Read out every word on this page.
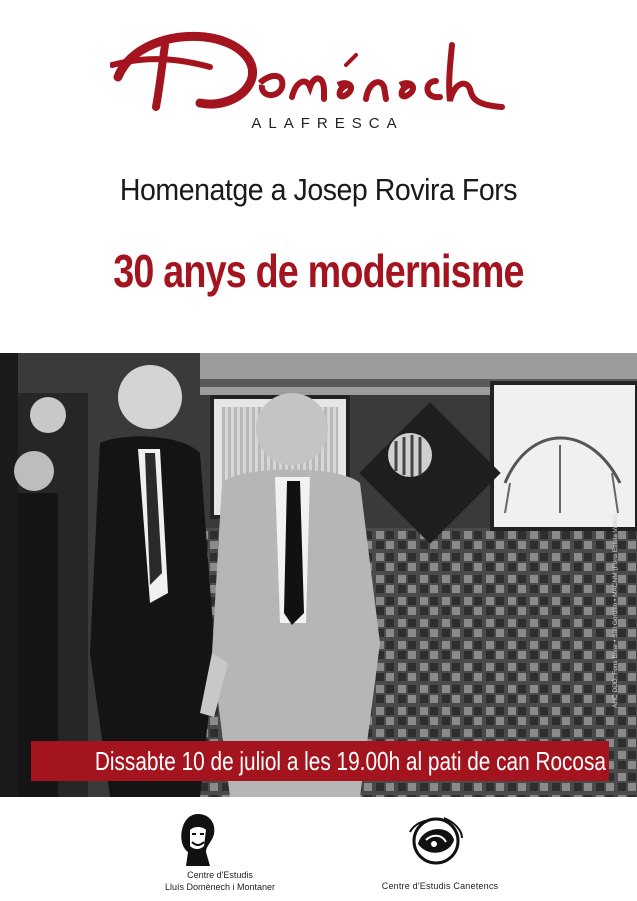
ALAFRESCA
Homenatge a Josep Rovira Fors
30 anys de modernisme
AHC DDD: Fons Bivar • Sall Gordillo • MACNM (Fons Estela Valler)
Dissabte 10 de juliol a les 19.00h al pati de can Rocosa
Centre d'Estudis
Lluís Domènech i Montaner	Centre d'Estudis Canetencs
